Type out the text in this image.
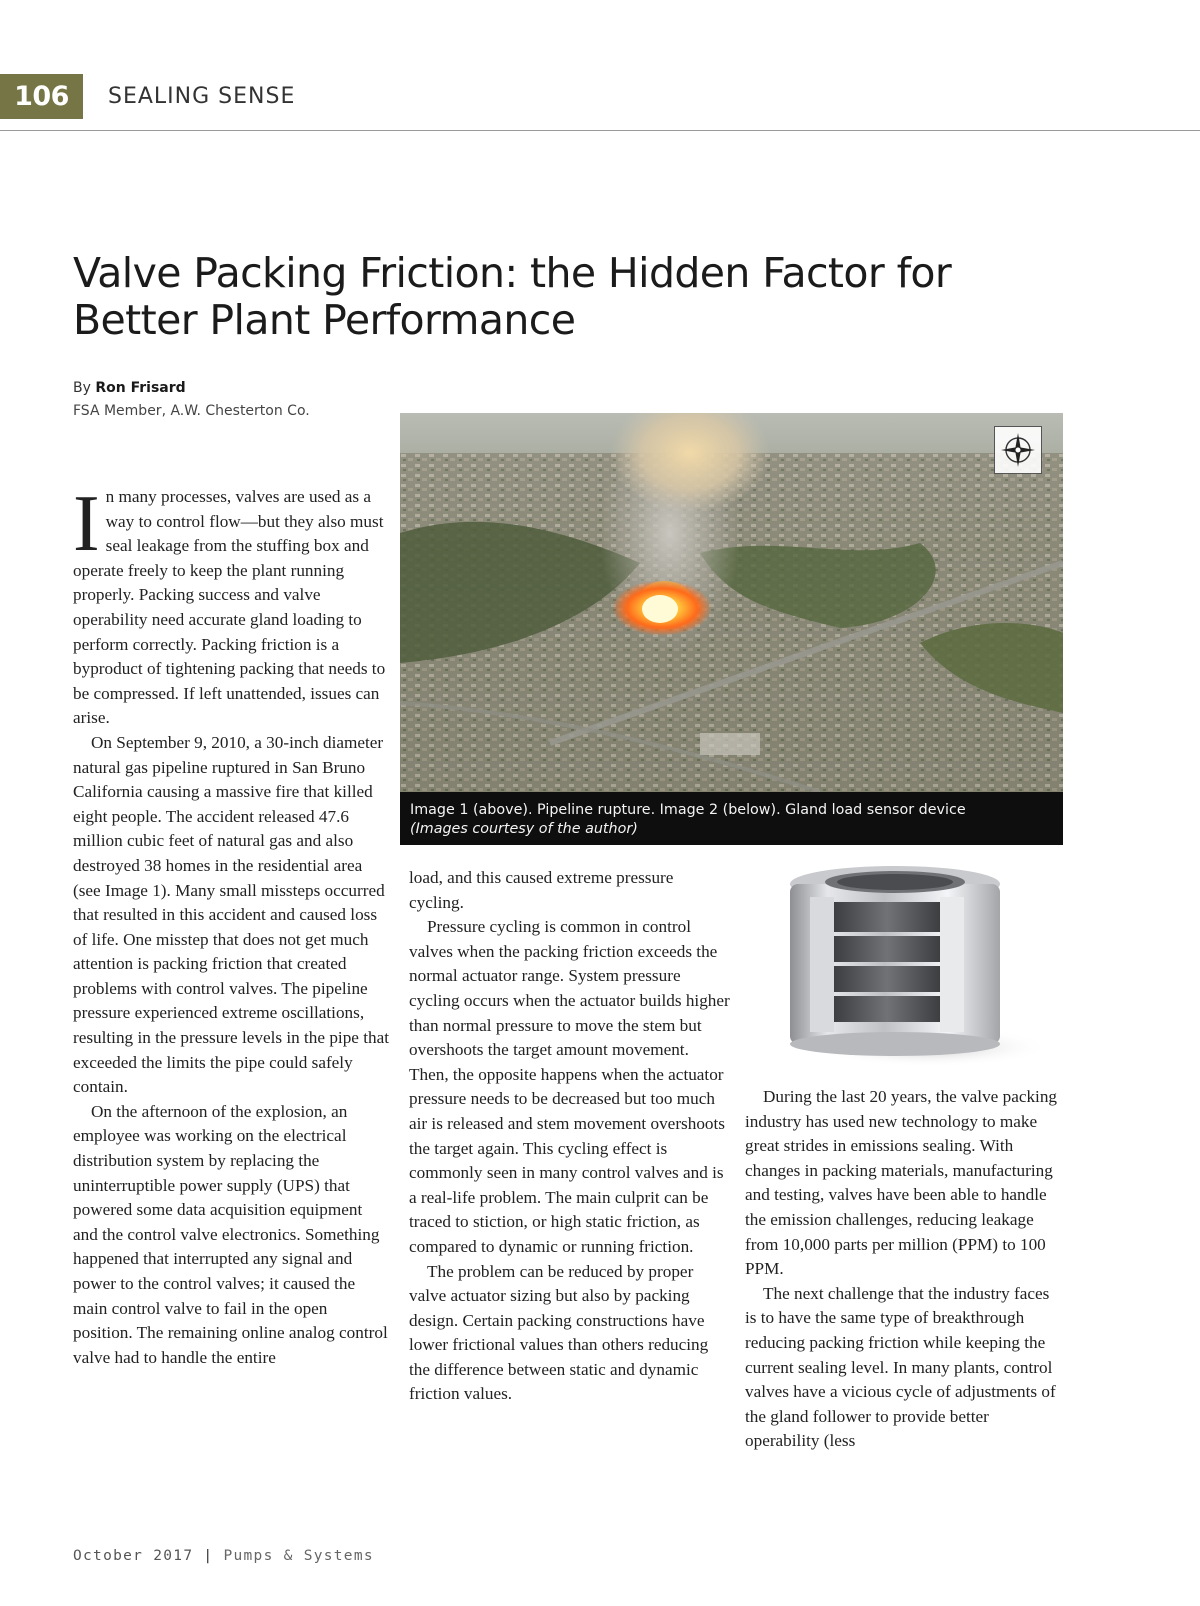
106	SEALING SENSE
Valve Packing Friction: the Hidden Factor for Better Plant Performance
By Ron Frisard
FSA Member, A.W. Chesterton Co.

In many processes, valves are used as a way to control flow—but they also must seal leakage from the stuffing box and operate freely to keep the plant running properly. Packing success and valve operability need accurate gland loading to perform correctly. Packing friction is a byproduct of tightening packing that needs to be compressed. If left unattended, issues can arise.

On September 9, 2010, a 30-inch diameter natural gas pipeline ruptured in San Bruno California causing a massive fire that killed eight people. The accident released 47.6 million cubic feet of natural gas and also destroyed 38 homes in the residential area (see Image 1). Many small missteps occurred that resulted in this accident and caused loss of life. One misstep that does not get much attention is packing friction that created problems with control valves. The pipeline pressure experienced extreme oscillations, resulting in the pressure levels in the pipe that exceeded the limits the pipe could safely contain.

On the afternoon of the explosion, an employee was working on the electrical distribution system by replacing the uninterruptible power supply (UPS) that powered some data acquisition equipment and the control valve electronics. Something happened that interrupted any signal and power to the control valves; it caused the main control valve to fail in the open position. The remaining online analog control valve had to handle the entire

Image 1 (above). Pipeline rupture. Image 2 (below). Gland load sensor device
(Images courtesy of the author)

load, and this caused extreme pressure cycling.

Pressure cycling is common in control valves when the packing friction exceeds the normal actuator range. System pressure cycling occurs when the actuator builds higher than normal pressure to move the stem but overshoots the target amount movement. Then, the opposite happens when the actuator pressure needs to be decreased but too much air is released and stem movement overshoots the target again. This cycling effect is commonly seen in many control valves and is a real-life problem. The main culprit can be traced to stiction, or high static friction, as compared to dynamic or running friction.

The problem can be reduced by proper valve actuator sizing but also by packing design. Certain packing constructions have lower frictional values than others reducing the difference between static and dynamic friction values.

During the last 20 years, the valve packing industry has used new technology to make great strides in emissions sealing. With changes in packing materials, manufacturing and testing, valves have been able to handle the emission challenges, reducing leakage from 10,000 parts per million (PPM) to 100 PPM.

The next challenge that the industry faces is to have the same type of breakthrough reducing packing friction while keeping the current sealing level. In many plants, control valves have a vicious cycle of adjustments of the gland follower to provide better operability (less

October 2017 | Pumps & Systems
